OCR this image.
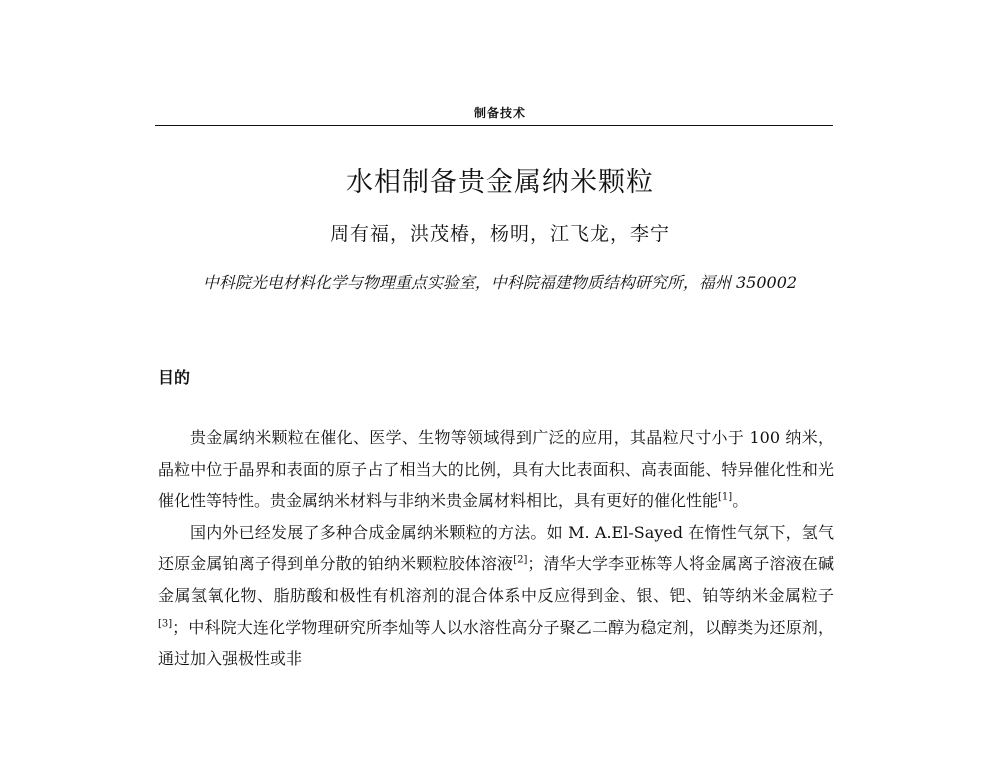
制备技术
水相制备贵金属纳米颗粒
周有福，洪茂椿，杨明，江飞龙，李宁
中科院光电材料化学与物理重点实验室，中科院福建物质结构研究所，福州 350002
目的

贵金属纳米颗粒在催化、医学、生物等领域得到广泛的应用，其晶粒尺寸小于 100 纳米，晶粒中位于晶界和表面的原子占了相当大的比例，具有大比表面积、高表面能、特异催化性和光催化性等特性。贵金属纳米材料与非纳米贵金属材料相比，具有更好的催化性能[1]。

国内外已经发展了多种合成金属纳米颗粒的方法。如 M. A.El-Sayed 在惰性气氛下，氢气还原金属铂离子得到单分散的铂纳米颗粒胶体溶液[2]；清华大学李亚栋等人将金属离子溶液在碱金属氢氧化物、脂肪酸和极性有机溶剂的混合体系中反应得到金、银、钯、铂等纳米金属粒子[3]；中科院大连化学物理研究所李灿等人以水溶性高分子聚乙二醇为稳定剂，以醇类为还原剂，通过加入强极性或非
